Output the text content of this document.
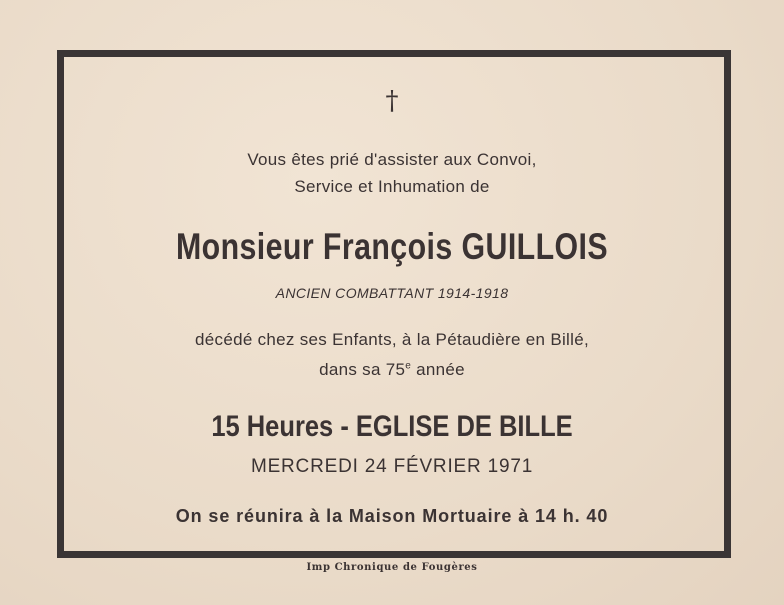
†
Vous êtes prié d'assister aux Convoi,
Service et Inhumation de
Monsieur François GUILLOIS
ANCIEN COMBATTANT 1914-1918
décédé chez ses Enfants, à la Pétaudière en Billé,
dans sa 75e année
15 Heures - EGLISE DE BILLE
MERCREDI 24 FÉVRIER 1971
On se réunira à la Maison Mortuaire à 14 h. 40
Imp Chronique de Fougères
